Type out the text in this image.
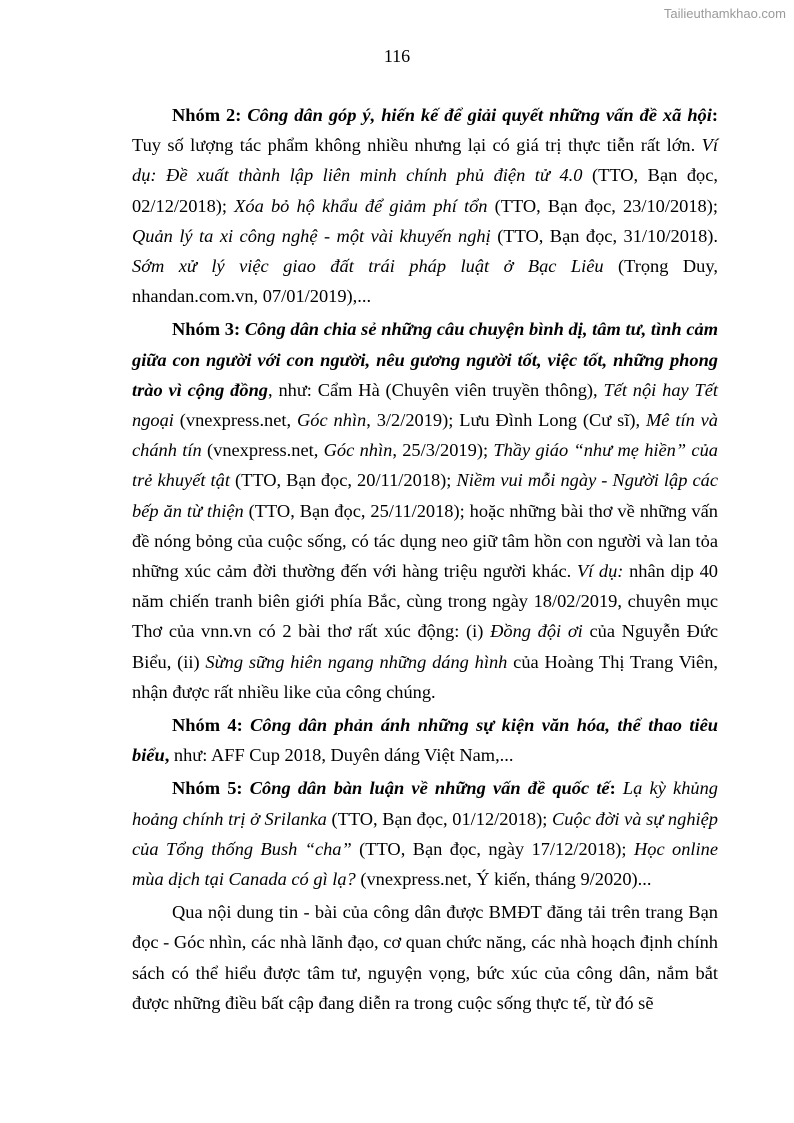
Tailieuthamkhao.com
116

Nhóm 2: Công dân góp ý, hiến kế để giải quyết những vấn đề xã hội: Tuy số lượng tác phẩm không nhiều nhưng lại có giá trị thực tiễn rất lớn. Ví dụ: Đề xuất thành lập liên minh chính phủ điện tử 4.0 (TTO, Bạn đọc, 02/12/2018); Xóa bỏ hộ khẩu để giảm phí tổn (TTO, Bạn đọc, 23/10/2018); Quản lý ta xi công nghệ - một vài khuyến nghị (TTO, Bạn đọc, 31/10/2018). Sớm xử lý việc giao đất trái pháp luật ở Bạc Liêu (Trọng Duy, nhandan.com.vn, 07/01/2019),...

Nhóm 3: Công dân chia sẻ những câu chuyện bình dị, tâm tư, tình cảm giữa con người với con người, nêu gương người tốt, việc tốt, những phong trào vì cộng đồng, như: Cẩm Hà (Chuyên viên truyền thông), Tết nội hay Tết ngoại (vnexpress.net, Góc nhìn, 3/2/2019); Lưu Đình Long (Cư sĩ), Mê tín và chánh tín (vnexpress.net, Góc nhìn, 25/3/2019); Thầy giáo “như mẹ hiền” của trẻ khuyết tật (TTO, Bạn đọc, 20/11/2018); Niềm vui mỗi ngày - Người lập các bếp ăn từ thiện (TTO, Bạn đọc, 25/11/2018); hoặc những bài thơ về những vấn đề nóng bỏng của cuộc sống, có tác dụng neo giữ tâm hồn con người và lan tỏa những xúc cảm đời thường đến với hàng triệu người khác. Ví dụ: nhân dịp 40 năm chiến tranh biên giới phía Bắc, cùng trong ngày 18/02/2019, chuyên mục Thơ của vnn.vn có 2 bài thơ rất xúc động: (i) Đồng đội ơi của Nguyễn Đức Biểu, (ii) Sừng sững hiên ngang những dáng hình của Hoàng Thị Trang Viên, nhận được rất nhiều like của công chúng.

Nhóm 4: Công dân phản ánh những sự kiện văn hóa, thể thao tiêu biểu, như: AFF Cup 2018, Duyên dáng Việt Nam,...

Nhóm 5: Công dân bàn luận về những vấn đề quốc tế: Lạ kỳ khủng hoảng chính trị ở Srilanka (TTO, Bạn đọc, 01/12/2018); Cuộc đời và sự nghiệp của Tổng thống Bush “cha” (TTO, Bạn đọc, ngày 17/12/2018); Học online mùa dịch tại Canada có gì lạ? (vnexpress.net, Ý kiến, tháng 9/2020)...

Qua nội dung tin - bài của công dân được BMĐT đăng tải trên trang Bạn đọc - Góc nhìn, các nhà lãnh đạo, cơ quan chức năng, các nhà hoạch định chính sách có thể hiểu được tâm tư, nguyện vọng, bức xúc của công dân, nắm bắt được những điều bất cập đang diễn ra trong cuộc sống thực tế, từ đó sẽ
